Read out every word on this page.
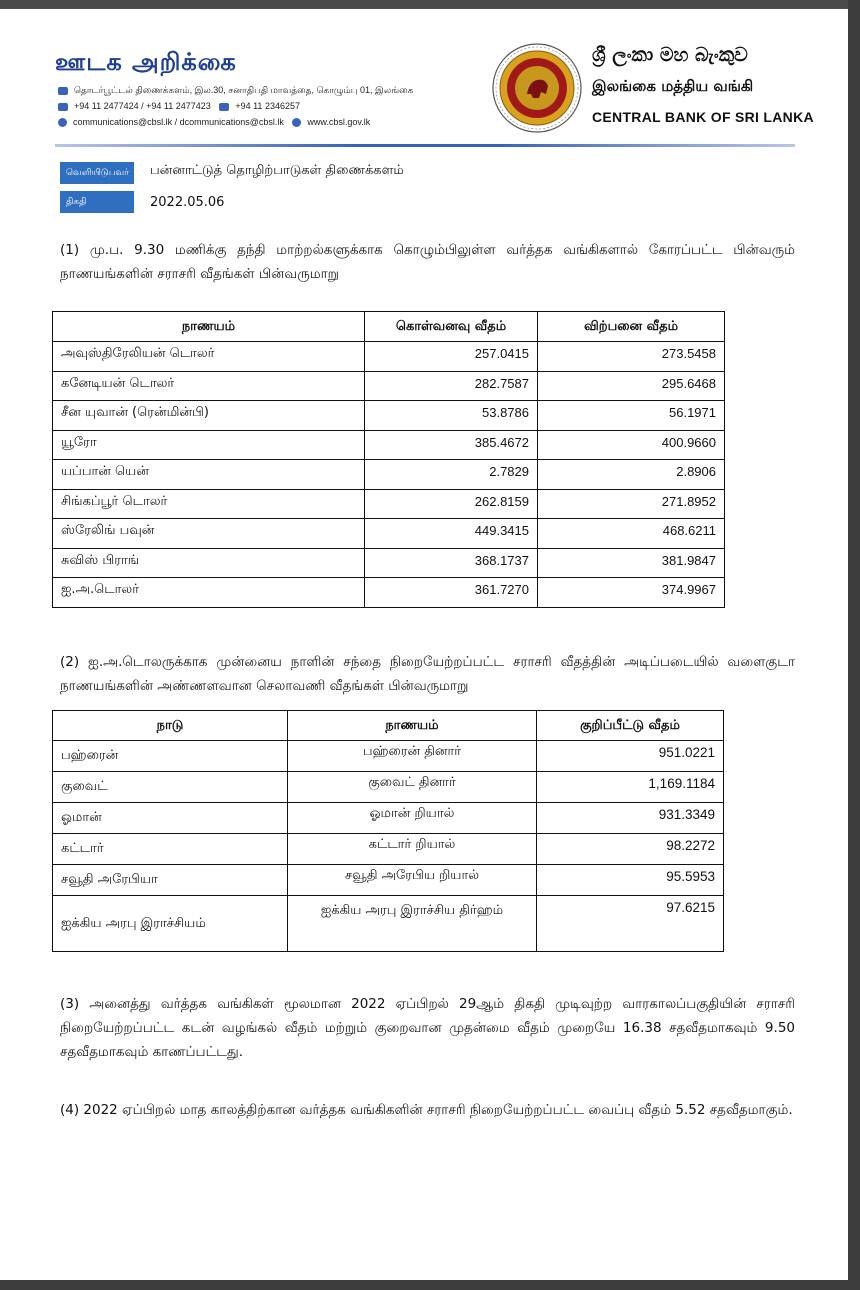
ஊடக அறிக்கை
தொடர்பூட்டல் திணைக்களம், இல.30, சனாதிபதி மாவத்தை, கொழும்பு 01, இலங்கை
+94 11 2477424 / +94 11 2477423	+94 11 2346257
communications@cbsl.lk / dcommunications@cbsl.lk	www.cbsl.gov.lk
ශ්‍රී ලංකා මහ බැංකුව
இலங்கை மத்திய வங்கி
CENTRAL BANK OF SRI LANKA
வெளியிடுபவர்	பன்னாட்டுத் தொழிற்பாடுகள் திணைக்களம்
திகதி	2022.05.06
(1) மு.ப. 9.30 மணிக்கு தந்தி மாற்றல்களுக்காக கொழும்பிலுள்ள வர்த்தக வங்கிகளால் கோரப்பட்ட பின்வரும் நாணயங்களின் சராசரி வீதங்கள் பின்வருமாறு
நாணயம்	கொள்வனவு வீதம்	விற்பனை வீதம்
அவுஸ்திரேலியன் டொலர்	257.0415	273.5458
கனேடியன் டொலர்	282.7587	295.6468
சீன யுவான் (ரென்மின்பி)	53.8786	56.1971
யூரோ	385.4672	400.9660
யப்பான் யென்	2.7829	2.8906
சிங்கப்பூர் டொலர்	262.8159	271.8952
ஸ்ரேலிங் பவுன்	449.3415	468.6211
சுவிஸ் பிராங்	368.1737	381.9847
ஐ.அ.டொலர்	361.7270	374.9967
(2) ஐ.அ.டொலருக்காக முன்னைய நாளின் சந்தை நிறையேற்றப்பட்ட சராசரி வீதத்தின் அடிப்படையில் வளைகுடா நாணயங்களின் அண்ணளவான செலாவணி வீதங்கள் பின்வருமாறு
நாடு	நாணயம்	குறிப்பீட்டு வீதம்
பஹ்ரைன்	பஹ்ரைன் தினார்	951.0221
குவைட்	குவைட் தினார்	1,169.1184
ஓமான்	ஓமான் றியால்	931.3349
கட்டார்	கட்டார் றியால்	98.2272
சவூதி அரேபியா	சவூதி அரேபிய றியால்	95.5953
ஐக்கிய அரபு இராச்சியம்	ஐக்கிய அரபு இராச்சிய திர்ஹம்	97.6215
(3) அனைத்து வர்த்தக வங்கிகள் மூலமான 2022 ஏப்பிறல் 29ஆம் திகதி முடிவுற்ற வாரகாலப்பகுதியின் சராசரி நிறையேற்றப்பட்ட கடன் வழங்கல் வீதம் மற்றும் குறைவான முதன்மை வீதம் முறையே 16.38 சதவீதமாகவும் 9.50 சதவீதமாகவும் காணப்பட்டது.
(4) 2022 ஏப்பிறல் மாத காலத்திற்கான வர்த்தக வங்கிகளின் சராசரி நிறையேற்றப்பட்ட வைப்பு வீதம் 5.52 சதவீதமாகும்.
